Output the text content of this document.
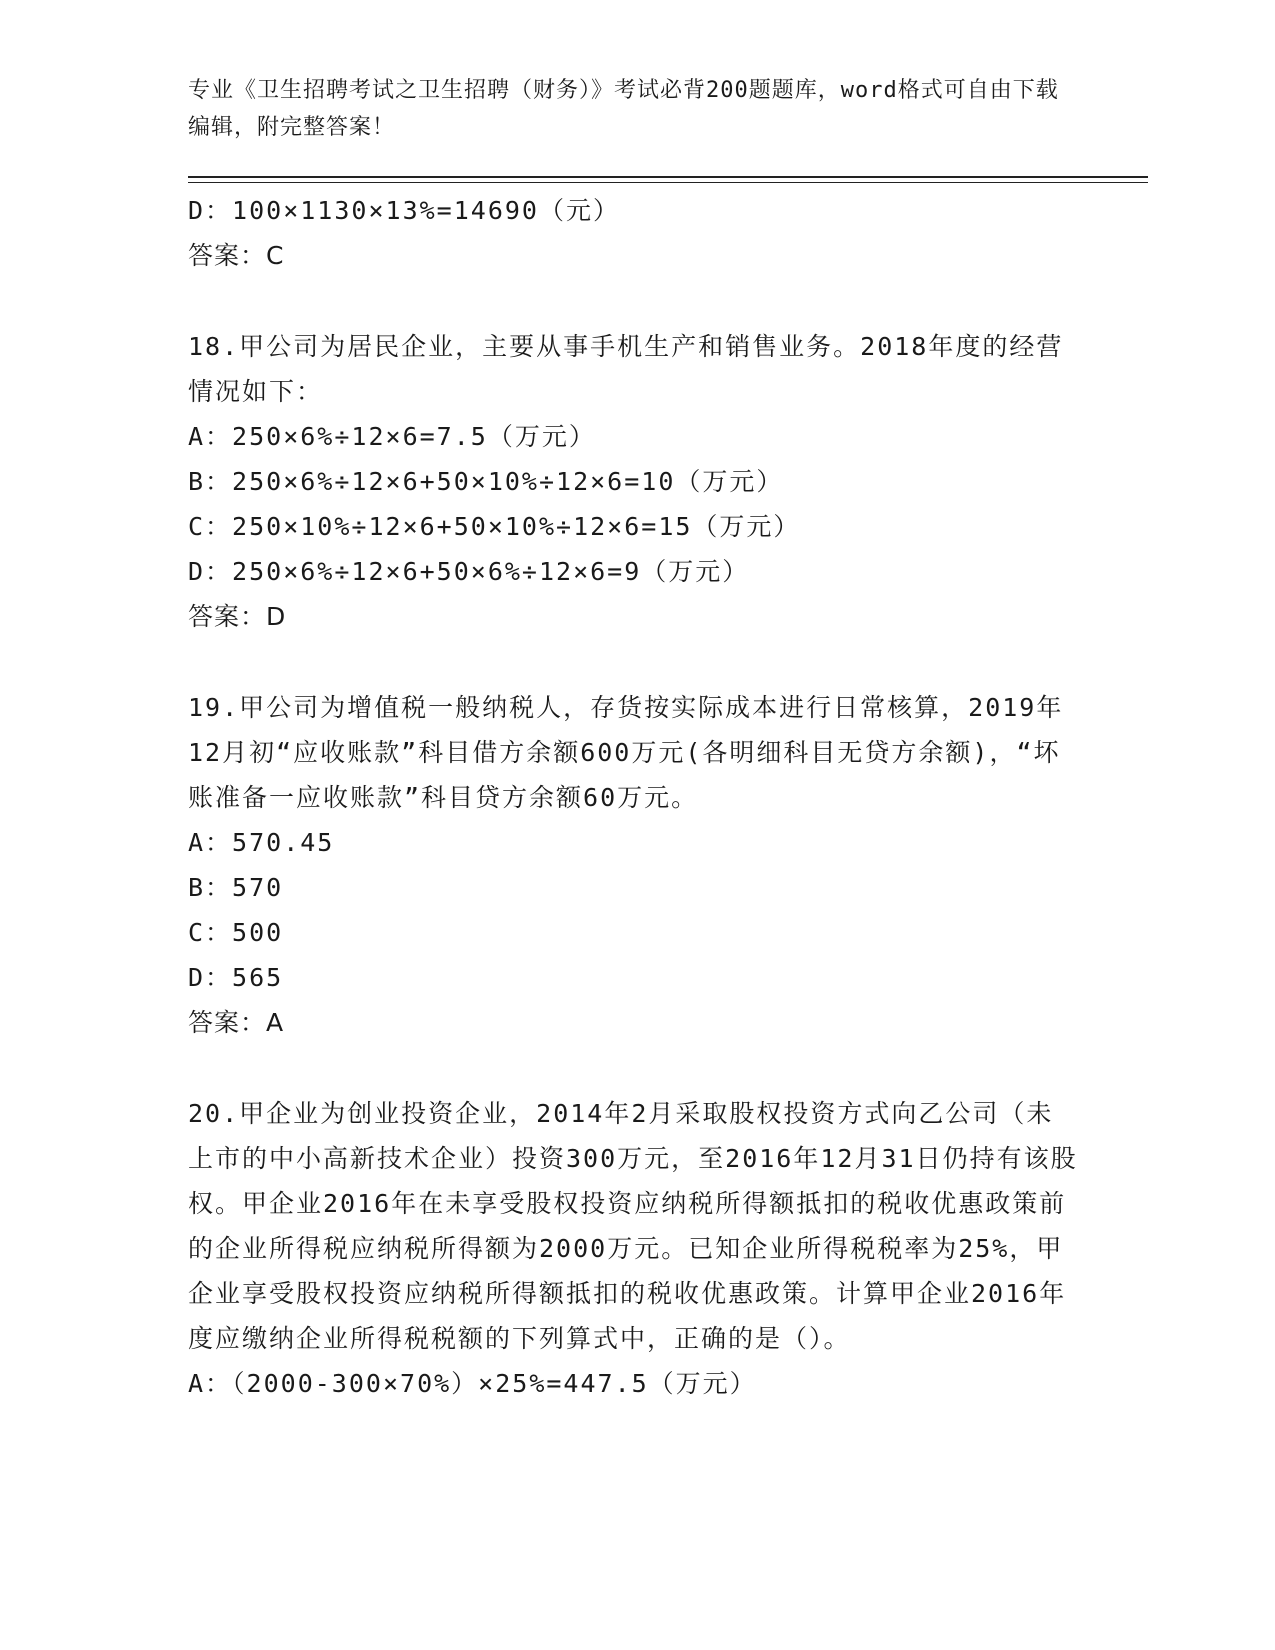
专业《卫生招聘考试之卫生招聘（财务）》考试必背200题题库，word格式可自由下载编辑，附完整答案！
D：100×1130×13%=14690（元）
答案：C
18.甲公司为居民企业，主要从事手机生产和销售业务。2018年度的经营情况如下：
A：250×6%÷12×6=7.5（万元）
B：250×6%÷12×6+50×10%÷12×6=10（万元）
C：250×10%÷12×6+50×10%÷12×6=15（万元）
D：250×6%÷12×6+50×6%÷12×6=9（万元）
答案：D
19.甲公司为增值税一般纳税人，存货按实际成本进行日常核算，2019年12月初“应收账款”科目借方余额600万元(各明细科目无贷方余额)，“坏账准备一应收账款”科目贷方余额60万元。
A：570.45
B：570
C：500
D：565
答案：A
20.甲企业为创业投资企业，2014年2月采取股权投资方式向乙公司（未上市的中小高新技术企业）投资300万元，至2016年12月31日仍持有该股权。甲企业2016年在未享受股权投资应纳税所得额抵扣的税收优惠政策前的企业所得税应纳税所得额为2000万元。已知企业所得税税率为25%，甲企业享受股权投资应纳税所得额抵扣的税收优惠政策。计算甲企业2016年度应缴纳企业所得税税额的下列算式中，正确的是（）。
A：（2000-300×70%）×25%=447.5（万元）
